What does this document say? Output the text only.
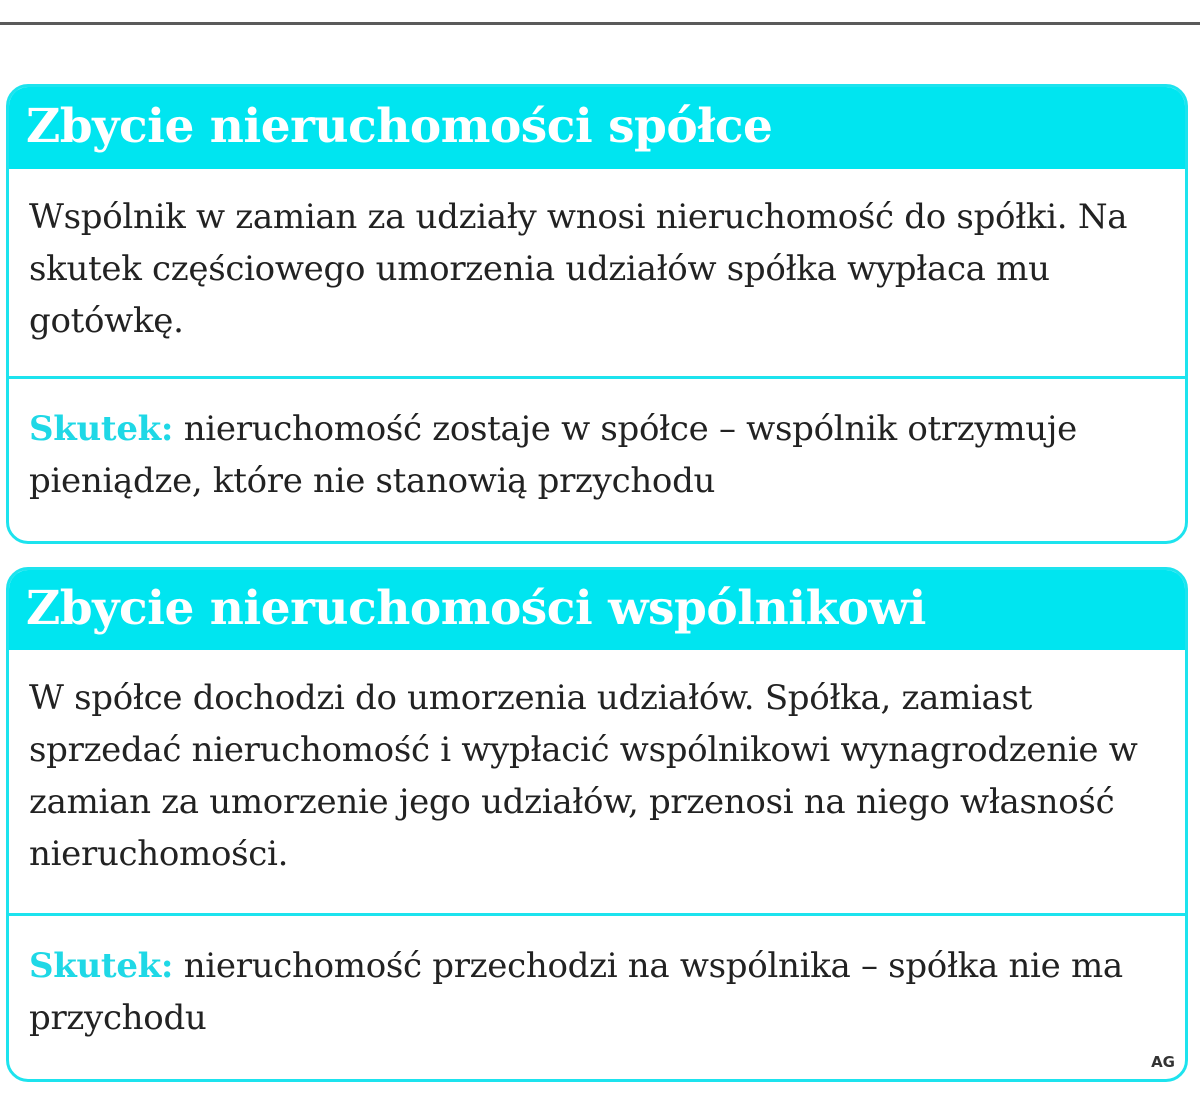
Zbycie nieruchomości spółce
Wspólnik w zamian za udziały wnosi nieruchomość do spółki. Na skutek częściowego umorzenia udziałów spółka wypłaca mu gotówkę.
Skutek: nieruchomość zostaje w spółce – wspólnik otrzymuje pieniądze, które nie stanowią przychodu
Zbycie nieruchomości wspólnikowi
W spółce dochodzi do umorzenia udziałów. Spółka, zamiast sprzedać nieruchomość i wypłacić wspólnikowi wynagrodzenie w zamian za umorzenie jego udziałów, przenosi na niego własność nieruchomości.
Skutek: nieruchomość przechodzi na wspólnika – spółka nie ma przychodu
AG
